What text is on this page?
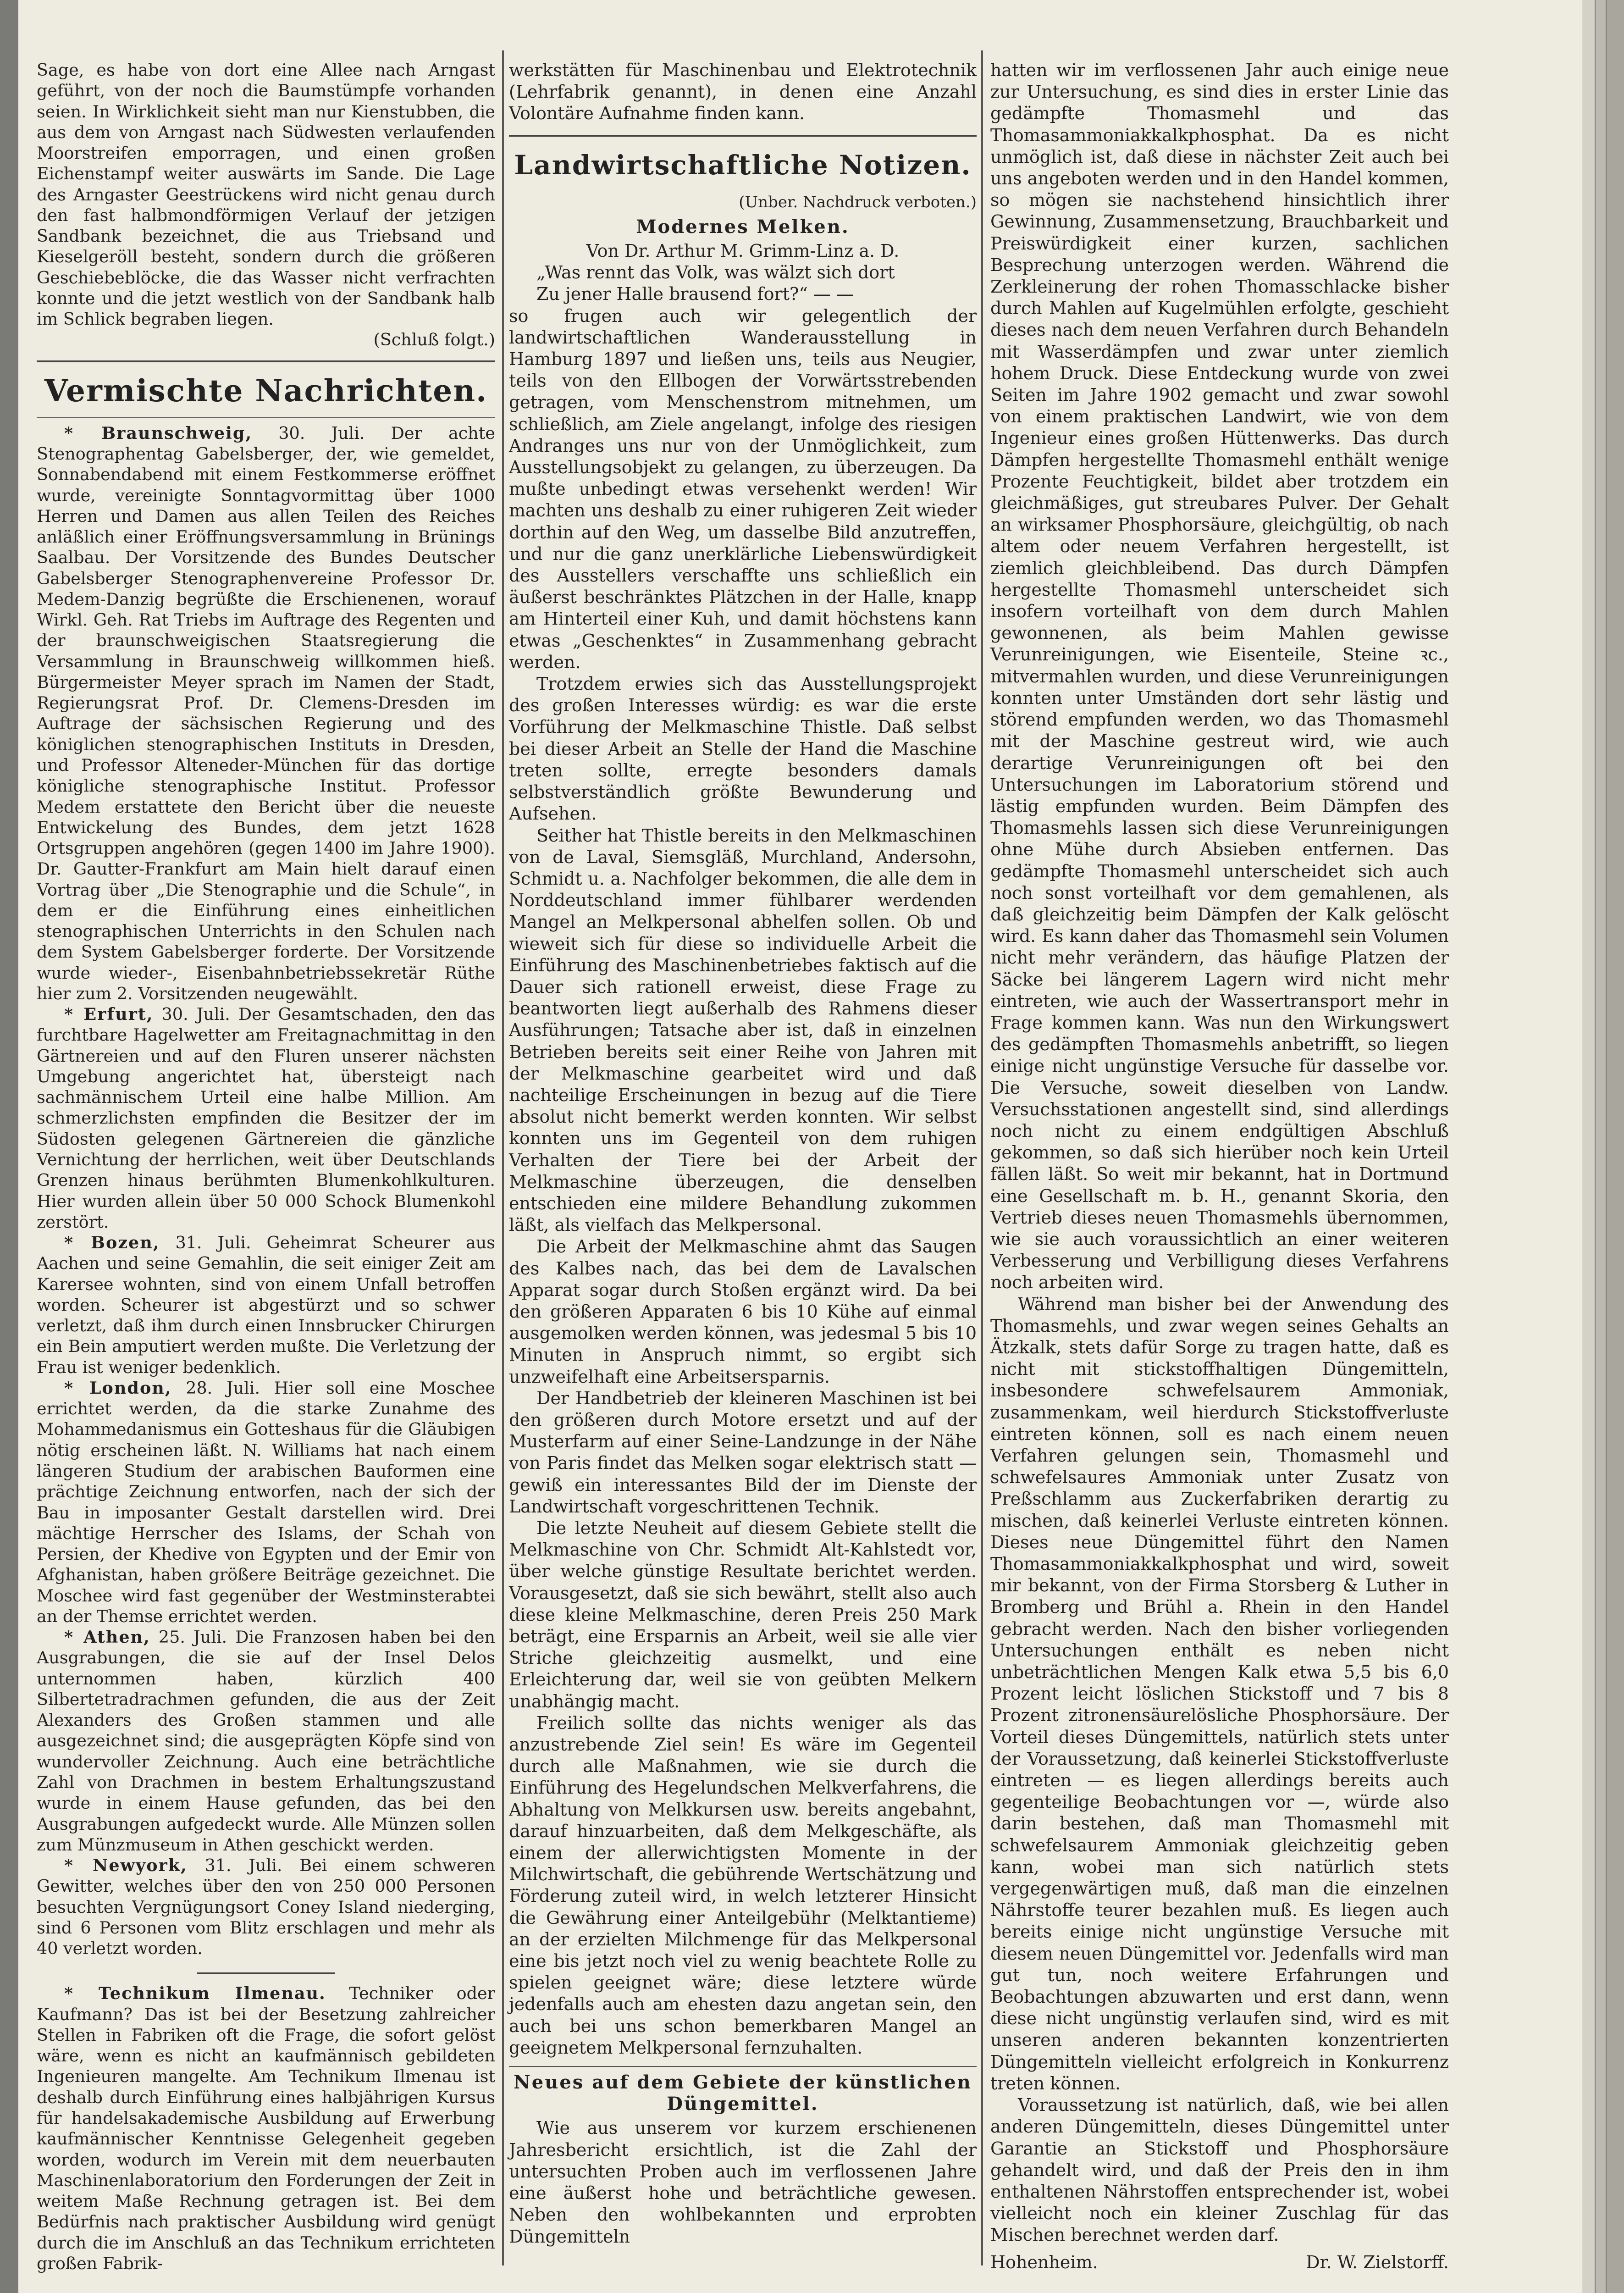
Sage, es habe von dort eine Allee nach Arngast geführt, von der noch die Baumstümpfe vorhanden seien. In Wirklichkeit sieht man nur Kienstubben, die aus dem von Arngast nach Südwesten verlaufenden Moorstreifen emporragen, und einen großen Eichenstampf weiter auswärts im Sande. Die Lage des Arngaster Geestrückens wird nicht genau durch den fast halbmondförmigen Verlauf der jetzigen Sandbank bezeichnet, die aus Triebsand und Kieselgeröll besteht, sondern durch die größeren Geschiebeblöcke, die das Wasser nicht verfrachten konnte und die jetzt westlich von der Sandbank halb im Schlick begraben liegen.

(Schluß folgt.)

Vermischte Nachrichten.

* Braunschweig, 30. Juli. Der achte Stenographentag Gabelsberger, der, wie gemeldet, Sonnabendabend mit einem Festkommerse eröffnet wurde, vereinigte Sonntagvormittag über 1000 Herren und Damen aus allen Teilen des Reiches anläßlich einer Eröffnungsversammlung in Brünings Saalbau. Der Vorsitzende des Bundes Deutscher Gabelsberger Stenographenvereine Professor Dr. Medem-Danzig begrüßte die Erschienenen, worauf Wirkl. Geh. Rat Triebs im Auftrage des Regenten und der braunschweigischen Staatsregierung die Versammlung in Braunschweig willkommen hieß. Bürgermeister Meyer sprach im Namen der Stadt, Regierungsrat Prof. Dr. Clemens-Dresden im Auftrage der sächsischen Regierung und des königlichen stenographischen Instituts in Dresden, und Professor Alteneder-München für das dortige königliche stenographische Institut. Professor Medem erstattete den Bericht über die neueste Entwickelung des Bundes, dem jetzt 1628 Ortsgruppen angehören (gegen 1400 im Jahre 1900). Dr. Gautter-Frankfurt am Main hielt darauf einen Vortrag über „Die Stenographie und die Schule“, in dem er die Einführung eines einheitlichen stenographischen Unterrichts in den Schulen nach dem System Gabelsberger forderte. Der Vorsitzende wurde wieder-, Eisenbahnbetriebssekretär Rüthe hier zum 2. Vorsitzenden neugewählt.

* Erfurt, 30. Juli. Der Gesamtschaden, den das furchtbare Hagelwetter am Freitagnachmittag in den Gärtnereien und auf den Fluren unserer nächsten Umgebung angerichtet hat, übersteigt nach sachmännischem Urteil eine halbe Million. Am schmerzlichsten empfinden die Besitzer der im Südosten gelegenen Gärtnereien die gänzliche Vernichtung der herrlichen, weit über Deutschlands Grenzen hinaus berühmten Blumenkohlkulturen. Hier wurden allein über 50 000 Schock Blumenkohl zerstört.

* Bozen, 31. Juli. Geheimrat Scheurer aus Aachen und seine Gemahlin, die seit einiger Zeit am Karersee wohnten, sind von einem Unfall betroffen worden. Scheurer ist abgestürzt und so schwer verletzt, daß ihm durch einen Innsbrucker Chirurgen ein Bein amputiert werden mußte. Die Verletzung der Frau ist weniger bedenklich.

* London, 28. Juli. Hier soll eine Moschee errichtet werden, da die starke Zunahme des Mohammedanismus ein Gotteshaus für die Gläubigen nötig erscheinen läßt. N. Williams hat nach einem längeren Studium der arabischen Bauformen eine prächtige Zeichnung entworfen, nach der sich der Bau in imposanter Gestalt darstellen wird. Drei mächtige Herrscher des Islams, der Schah von Persien, der Khedive von Egypten und der Emir von Afghanistan, haben größere Beiträge gezeichnet. Die Moschee wird fast gegenüber der Westminsterabtei an der Themse errichtet werden.

* Athen, 25. Juli. Die Franzosen haben bei den Ausgrabungen, die sie auf der Insel Delos unternommen haben, kürzlich 400 Silbertetradrachmen gefunden, die aus der Zeit Alexanders des Großen stammen und alle ausgezeichnet sind; die ausgeprägten Köpfe sind von wundervoller Zeichnung. Auch eine beträchtliche Zahl von Drachmen in bestem Erhaltungszustand wurde in einem Hause gefunden, das bei den Ausgrabungen aufgedeckt wurde. Alle Münzen sollen zum Münzmuseum in Athen geschickt werden.

* Newyork, 31. Juli. Bei einem schweren Gewitter, welches über den von 250 000 Personen besuchten Vergnügungsort Coney Island niederging, sind 6 Personen vom Blitz erschlagen und mehr als 40 verletzt worden.

* Technikum Ilmenau. Techniker oder Kaufmann? Das ist bei der Besetzung zahlreicher Stellen in Fabriken oft die Frage, die sofort gelöst wäre, wenn es nicht an kaufmännisch gebildeten Ingenieuren mangelte. Am Technikum Ilmenau ist deshalb durch Einführung eines halbjährigen Kursus für handelsakademische Ausbildung auf Erwerbung kaufmännischer Kenntnisse Gelegenheit gegeben worden, wodurch im Verein mit dem neuerbauten Maschinenlaboratorium den Forderungen der Zeit in weitem Maße Rechnung getragen ist. Bei dem Bedürfnis nach praktischer Ausbildung wird genügt durch die im Anschluß an das Technikum errichteten großen Fabrik-

werkstätten für Maschinenbau und Elektrotechnik (Lehrfabrik genannt), in denen eine Anzahl Volontäre Aufnahme finden kann.

Landwirtschaftliche Notizen.

(Unber. Nachdruck verboten.)

Modernes Melken.

Von Dr. Arthur M. Grimm-Linz a. D.

„Was rennt das Volk, was wälzt sich dort

Zu jener Halle brausend fort?“ — —

so frugen auch wir gelegentlich der landwirtschaftlichen Wanderausstellung in Hamburg 1897 und ließen uns, teils aus Neugier, teils von den Ellbogen der Vorwärtsstrebenden getragen, vom Menschenstrom mitnehmen, um schließlich, am Ziele angelangt, infolge des riesigen Andranges uns nur von der Unmöglichkeit, zum Ausstellungsobjekt zu gelangen, zu überzeugen. Da mußte unbedingt etwas versehenkt werden! Wir machten uns deshalb zu einer ruhigeren Zeit wieder dorthin auf den Weg, um dasselbe Bild anzutreffen, und nur die ganz unerklärliche Liebenswürdigkeit des Ausstellers verschaffte uns schließlich ein äußerst beschränktes Plätzchen in der Halle, knapp am Hinterteil einer Kuh, und damit höchstens kann etwas „Geschenktes“ in Zusammenhang gebracht werden.

Trotzdem erwies sich das Ausstellungsprojekt des großen Interesses würdig: es war die erste Vorführung der Melkmaschine Thistle. Daß selbst bei dieser Arbeit an Stelle der Hand die Maschine treten sollte, erregte besonders damals selbstverständlich größte Bewunderung und Aufsehen.

Seither hat Thistle bereits in den Melkmaschinen von de Laval, Siemsgläß, Murchland, Andersohn, Schmidt u. a. Nachfolger bekommen, die alle dem in Norddeutschland immer fühlbarer werdenden Mangel an Melkpersonal abhelfen sollen. Ob und wieweit sich für diese so individuelle Arbeit die Einführung des Maschinenbetriebes faktisch auf die Dauer sich rationell erweist, diese Frage zu beantworten liegt außerhalb des Rahmens dieser Ausführungen; Tatsache aber ist, daß in einzelnen Betrieben bereits seit einer Reihe von Jahren mit der Melkmaschine gearbeitet wird und daß nachteilige Erscheinungen in bezug auf die Tiere absolut nicht bemerkt werden konnten. Wir selbst konnten uns im Gegenteil von dem ruhigen Verhalten der Tiere bei der Arbeit der Melkmaschine überzeugen, die denselben entschieden eine mildere Behandlung zukommen läßt, als vielfach das Melkpersonal.

Die Arbeit der Melkmaschine ahmt das Saugen des Kalbes nach, das bei dem de Lavalschen Apparat sogar durch Stoßen ergänzt wird. Da bei den größeren Apparaten 6 bis 10 Kühe auf einmal ausgemolken werden können, was jedesmal 5 bis 10 Minuten in Anspruch nimmt, so ergibt sich unzweifelhaft eine Arbeitsersparnis.

Der Handbetrieb der kleineren Maschinen ist bei den größeren durch Motore ersetzt und auf der Musterfarm auf einer Seine-Landzunge in der Nähe von Paris findet das Melken sogar elektrisch statt — gewiß ein interessantes Bild der im Dienste der Landwirtschaft vorgeschrittenen Technik.

Die letzte Neuheit auf diesem Gebiete stellt die Melkmaschine von Chr. Schmidt Alt-Kahlstedt vor, über welche günstige Resultate berichtet werden. Vorausgesetzt, daß sie sich bewährt, stellt also auch diese kleine Melkmaschine, deren Preis 250 Mark beträgt, eine Ersparnis an Arbeit, weil sie alle vier Striche gleichzeitig ausmelkt, und eine Erleichterung dar, weil sie von geübten Melkern unabhängig macht.

Freilich sollte das nichts weniger als das anzustrebende Ziel sein! Es wäre im Gegenteil durch alle Maßnahmen, wie sie durch die Einführung des Hegelundschen Melkverfahrens, die Abhaltung von Melkkursen usw. bereits angebahnt, darauf hinzuarbeiten, daß dem Melkgeschäfte, als einem der allerwichtigsten Momente in der Milchwirtschaft, die gebührende Wertschätzung und Förderung zuteil wird, in welch letzterer Hinsicht die Gewährung einer Anteilgebühr (Melktantieme) an der erzielten Milchmenge für das Melkpersonal eine bis jetzt noch viel zu wenig beachtete Rolle zu spielen geeignet wäre; diese letztere würde jedenfalls auch am ehesten dazu angetan sein, den auch bei uns schon bemerkbaren Mangel an geeignetem Melkpersonal fernzuhalten.

Neues auf dem Gebiete der künstlichen Düngemittel.

Wie aus unserem vor kurzem erschienenen Jahresbericht ersichtlich, ist die Zahl der untersuchten Proben auch im verflossenen Jahre eine äußerst hohe und beträchtliche gewesen. Neben den wohlbekannten und erprobten Düngemitteln

hatten wir im verflossenen Jahr auch einige neue zur Untersuchung, es sind dies in erster Linie das gedämpfte Thomasmehl und das Thomasammoniakkalkphosphat. Da es nicht unmöglich ist, daß diese in nächster Zeit auch bei uns angeboten werden und in den Handel kommen, so mögen sie nachstehend hinsichtlich ihrer Gewinnung, Zusammensetzung, Brauchbarkeit und Preiswürdigkeit einer kurzen, sachlichen Besprechung unterzogen werden. Während die Zerkleinerung der rohen Thomasschlacke bisher durch Mahlen auf Kugelmühlen erfolgte, geschieht dieses nach dem neuen Verfahren durch Behandeln mit Wasserdämpfen und zwar unter ziemlich hohem Druck. Diese Entdeckung wurde von zwei Seiten im Jahre 1902 gemacht und zwar sowohl von einem praktischen Landwirt, wie von dem Ingenieur eines großen Hüttenwerks. Das durch Dämpfen hergestellte Thomasmehl enthält wenige Prozente Feuchtigkeit, bildet aber trotzdem ein gleichmäßiges, gut streubares Pulver. Der Gehalt an wirksamer Phosphorsäure, gleichgültig, ob nach altem oder neuem Verfahren hergestellt, ist ziemlich gleichbleibend. Das durch Dämpfen hergestellte Thomasmehl unterscheidet sich insofern vorteilhaft von dem durch Mahlen gewonnenen, als beim Mahlen gewisse Verunreinigungen, wie Eisenteile, Steine ꝛc., mitvermahlen wurden, und diese Verunreinigungen konnten unter Umständen dort sehr lästig und störend empfunden werden, wo das Thomasmehl mit der Maschine gestreut wird, wie auch derartige Verunreinigungen oft bei den Untersuchungen im Laboratorium störend und lästig empfunden wurden. Beim Dämpfen des Thomasmehls lassen sich diese Verunreinigungen ohne Mühe durch Absieben entfernen. Das gedämpfte Thomasmehl unterscheidet sich auch noch sonst vorteilhaft vor dem gemahlenen, als daß gleichzeitig beim Dämpfen der Kalk gelöscht wird. Es kann daher das Thomasmehl sein Volumen nicht mehr verändern, das häufige Platzen der Säcke bei längerem Lagern wird nicht mehr eintreten, wie auch der Wassertransport mehr in Frage kommen kann. Was nun den Wirkungswert des gedämpften Thomasmehls anbetrifft, so liegen einige nicht ungünstige Versuche für dasselbe vor. Die Versuche, soweit dieselben von Landw. Versuchsstationen angestellt sind, sind allerdings noch nicht zu einem endgültigen Abschluß gekommen, so daß sich hierüber noch kein Urteil fällen läßt. So weit mir bekannt, hat in Dortmund eine Gesellschaft m. b. H., genannt Skoria, den Vertrieb dieses neuen Thomasmehls übernommen, wie sie auch voraussichtlich an einer weiteren Verbesserung und Verbilligung dieses Verfahrens noch arbeiten wird.

Während man bisher bei der Anwendung des Thomasmehls, und zwar wegen seines Gehalts an Ätzkalk, stets dafür Sorge zu tragen hatte, daß es nicht mit stickstoffhaltigen Düngemitteln, insbesondere schwefelsaurem Ammoniak, zusammenkam, weil hierdurch Stickstoffverluste eintreten können, soll es nach einem neuen Verfahren gelungen sein, Thomasmehl und schwefelsaures Ammoniak unter Zusatz von Preßschlamm aus Zuckerfabriken derartig zu mischen, daß keinerlei Verluste eintreten können. Dieses neue Düngemittel führt den Namen Thomasammoniakkalkphosphat und wird, soweit mir bekannt, von der Firma Storsberg & Luther in Bromberg und Brühl a. Rhein in den Handel gebracht werden. Nach den bisher vorliegenden Untersuchungen enthält es neben nicht unbeträchtlichen Mengen Kalk etwa 5,5 bis 6,0 Prozent leicht löslichen Stickstoff und 7 bis 8 Prozent zitronensäurelösliche Phosphorsäure. Der Vorteil dieses Düngemittels, natürlich stets unter der Voraussetzung, daß keinerlei Stickstoffverluste eintreten — es liegen allerdings bereits auch gegenteilige Beobachtungen vor —, würde also darin bestehen, daß man Thomasmehl mit schwefelsaurem Ammoniak gleichzeitig geben kann, wobei man sich natürlich stets vergegenwärtigen muß, daß man die einzelnen Nährstoffe teurer bezahlen muß. Es liegen auch bereits einige nicht ungünstige Versuche mit diesem neuen Düngemittel vor. Jedenfalls wird man gut tun, noch weitere Erfahrungen und Beobachtungen abzuwarten und erst dann, wenn diese nicht ungünstig verlaufen sind, wird es mit unseren anderen bekannten konzentrierten Düngemitteln vielleicht erfolgreich in Konkurrenz treten können.

Voraussetzung ist natürlich, daß, wie bei allen anderen Düngemitteln, dieses Düngemittel unter Garantie an Stickstoff und Phosphorsäure gehandelt wird, und daß der Preis den in ihm enthaltenen Nährstoffen entsprechender ist, wobei vielleicht noch ein kleiner Zuschlag für das Mischen berechnet werden darf.

Hohenheim.	Dr. W. Zielstorff.
